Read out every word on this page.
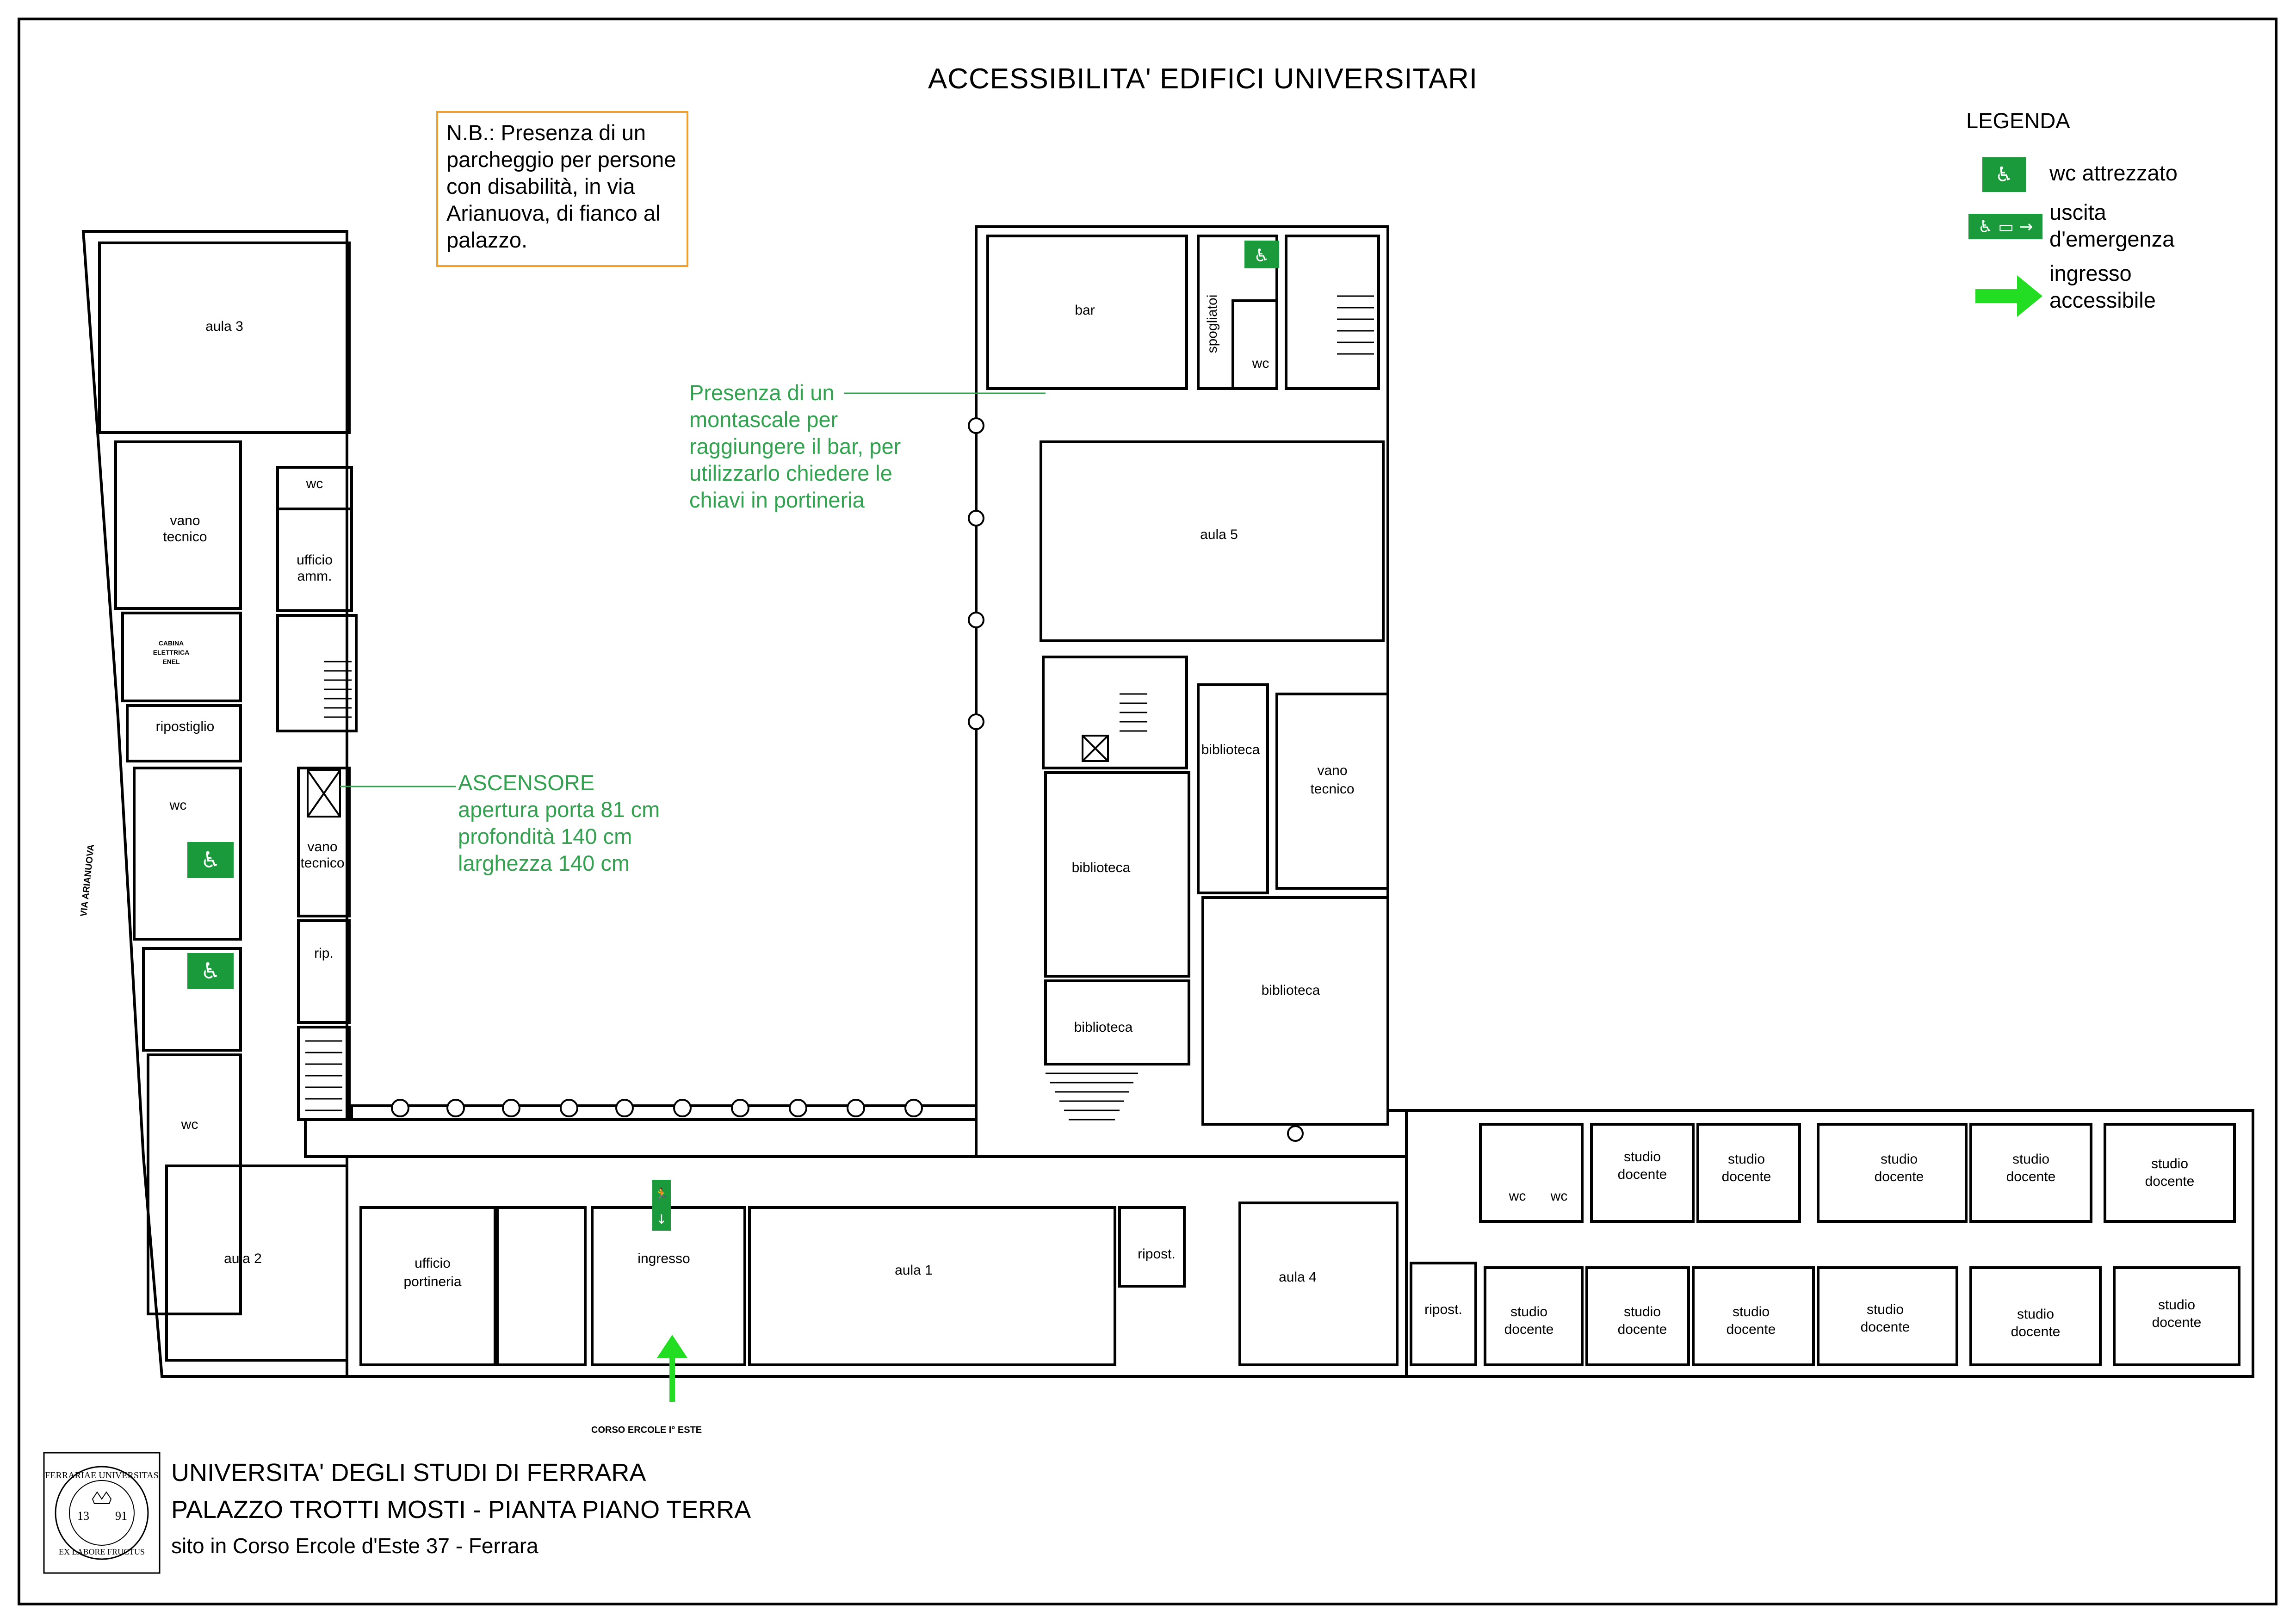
ACCESSIBILITA' EDIFICI UNIVERSITARI
N.B.: Presenza di un parcheggio per persone con disabilità, in via Arianuova, di fianco al palazzo.
LEGENDA
wc attrezzato
uscita
d'emergenza
ingresso
accessibile
Presenza di un
montascale per
raggiungere il bar, per
utilizzarlo chiedere le
chiavi in portineria
ASCENSORE
apertura porta 81 cm
profondità 140 cm
larghezza 140 cm
VIA ARIANUOVA
CORSO ERCOLE I° ESTE
UNIVERSITA' DEGLI STUDI DI FERRARA
PALAZZO TROTTI MOSTI - PIANTA PIANO TERRA
sito in Corso Ercole d'Este 37 - Ferrara
♿
♿
♿
🏃
↓
♿
♿ ▭ →
aula 3
vano
tecnico
CABINA
ELETTRICA
ENEL
ripostiglio
wc
wc
wc
ufficio
amm.
vano
tecnico
rip.
aula 2	ufficio
portineria
ingresso
aula 1
ripost.
aula 4
ripost.
bar	spogliatoi
wc
aula 5
biblioteca
vano
tecnico
biblioteca
biblioteca
biblioteca
wc wc
studio
docente
studio
docente
studio
docente
studio
docente
studio
docente
studio
docente
studio
docente
studio
docente
studio
docente
studio
docente
studio
docente
FERRARIAE UNIVERSITAS
EX LABORE FRUCTUS
13 91
